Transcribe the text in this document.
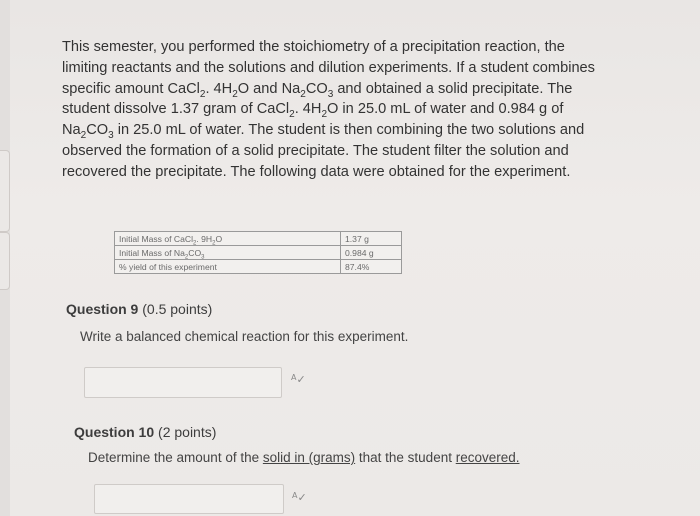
This semester, you performed the stoichiometry of a precipitation reaction, the
limiting reactants and the solutions and dilution experiments. If a student combines
specific amount CaCl$_2$. $4H_2O$ and $Na_2CO_3$ and obtained a solid precipitate. The
student dissolve 1.37 gram of CaCl$_2$. $4H_2O$ in 25.0 mL of water and 0.984 g of
$Na_2CO_3$ in 25.0 mL of water. The student is then combining the two solutions and
observed the formation of a solid precipitate. The student filter the solution and
recovered the precipitate. The following data were obtained for the experiment.
Initial Mass of CaCl$_2$. $9H_2O$	1.37 g
Initial Mass of $Na_2CO_3$	0.984 g
% yield of this experiment	87.4%
Question 9 (0.5 points)
Write a balanced chemical reaction for this experiment.
$^A$✓
Question 10 (2 points)
Determine the amount of the solid in (grams) that the student recovered.
$^A$✓
